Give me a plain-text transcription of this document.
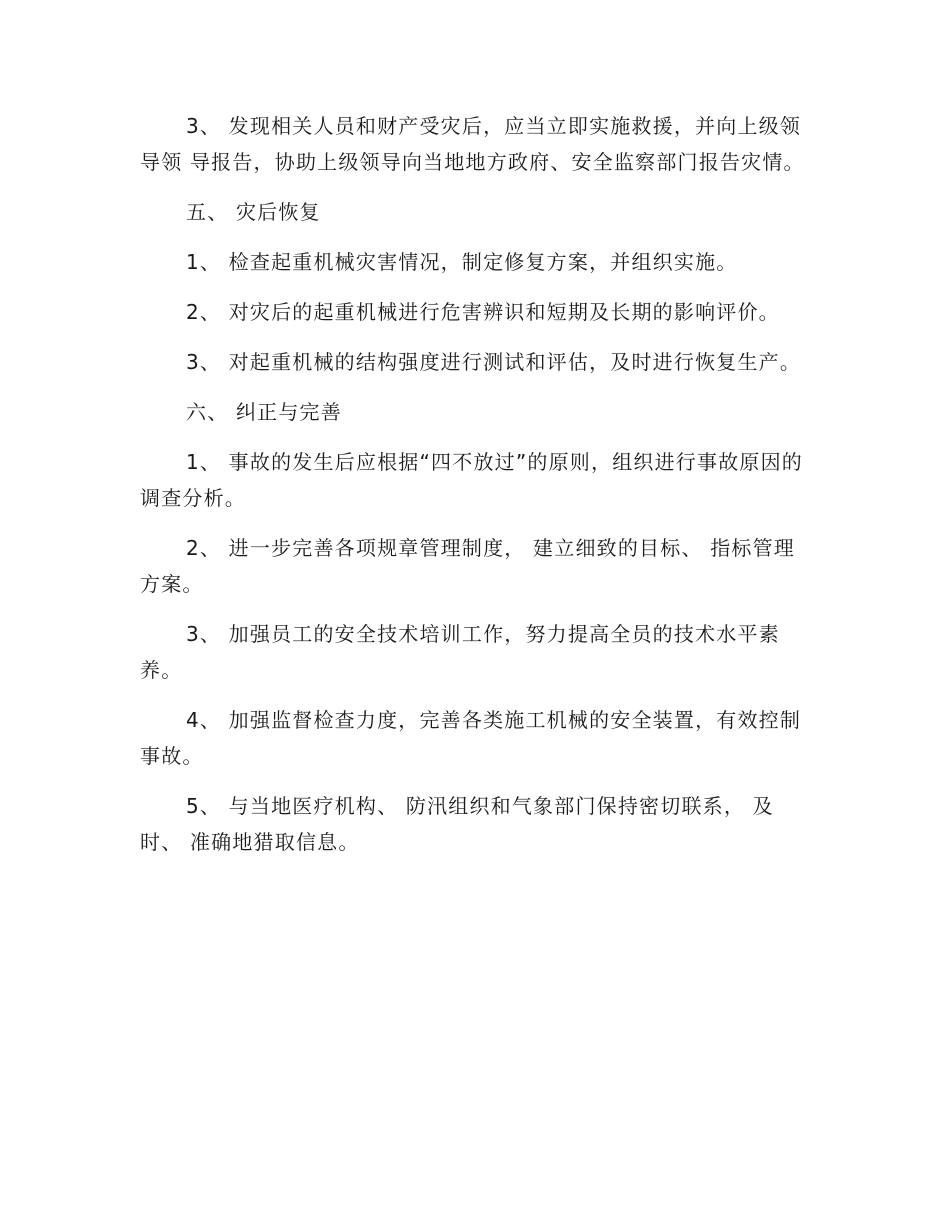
3、 发现相关人员和财产受灾后，应当立即实施救援，并向上级领导领 导报告，协助上级领导向当地地方政府、安全监察部门报告灾情。

五、 灾后恢复

1、 检查起重机械灾害情况，制定修复方案，并组织实施。

2、 对灾后的起重机械进行危害辨识和短期及长期的影响评价。

3、 对起重机械的结构强度进行测试和评估，及时进行恢复生产。

六、 纠正与完善

1、 事故的发生后应根据“四不放过”的原则，组织进行事故原因的 调查分析。

2、 进一步完善各项规章管理制度， 建立细致的目标、 指标管理方案。

3、 加强员工的安全技术培训工作，努力提高全员的技术水平素养。

4、 加强监督检查力度，完善各类施工机械的安全装置，有效控制事故。

5、 与当地医疗机构、 防汛组织和气象部门保持密切联系， 及时、 准确地猎取信息。
